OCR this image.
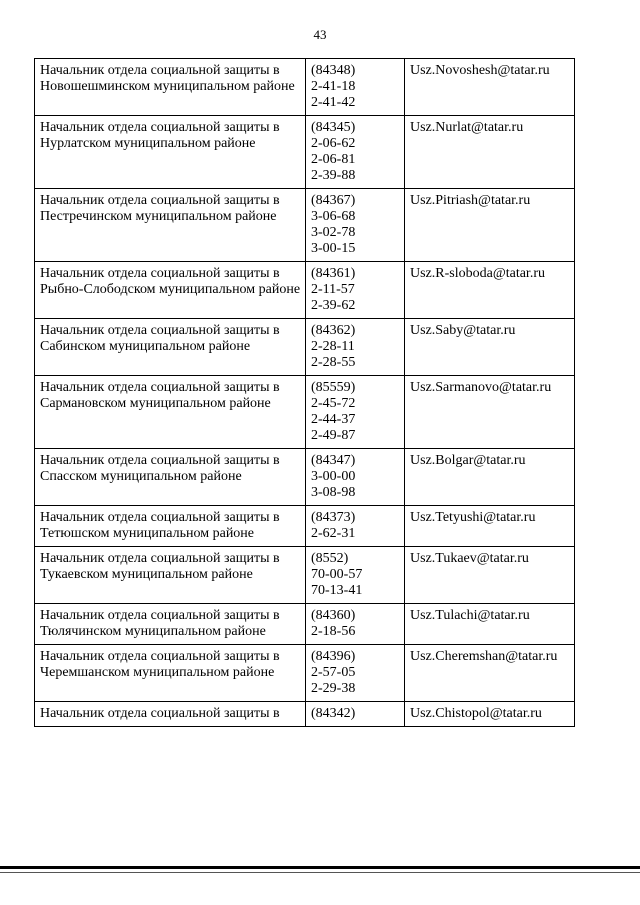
43
Начальник отдела социальной защиты в Новошешминском муниципальном районе	(84348)
2-41-18
2-41-42	Usz.Novoshesh@tatar.ru
Начальник отдела социальной защиты в Нурлатском муниципальном районе	(84345)
2-06-62
2-06-81
2-39-88	Usz.Nurlat@tatar.ru
Начальник отдела социальной защиты в Пестречинском муниципальном районе	(84367)
3-06-68
3-02-78
3-00-15	Usz.Pitriash@tatar.ru
Начальник отдела социальной защиты в Рыбно-Слободском муниципальном районе	(84361)
2-11-57
2-39-62	Usz.R-sloboda@tatar.ru
Начальник отдела социальной защиты в Сабинском муниципальном районе	(84362)
2-28-11
2-28-55	Usz.Saby@tatar.ru
Начальник отдела социальной защиты в Сармановском муниципальном районе	(85559)
2-45-72
2-44-37
2-49-87	Usz.Sarmanovo@tatar.ru
Начальник отдела социальной защиты в Спасском муниципальном районе	(84347)
3-00-00
3-08-98	Usz.Bolgar@tatar.ru
Начальник отдела социальной защиты в Тетюшском муниципальном районе	(84373)
2-62-31	Usz.Tetyushi@tatar.ru
Начальник отдела социальной защиты в Тукаевском муниципальном районе	(8552)
70-00-57
70-13-41	Usz.Tukaev@tatar.ru
Начальник отдела социальной защиты в Тюлячинском муниципальном районе	(84360)
2-18-56	Usz.Tulachi@tatar.ru
Начальник отдела социальной защиты в Черемшанском муниципальном районе	(84396)
2-57-05
2-29-38	Usz.Cheremshan@tatar.ru
Начальник отдела социальной защиты в	(84342)	Usz.Chistopol@tatar.ru
